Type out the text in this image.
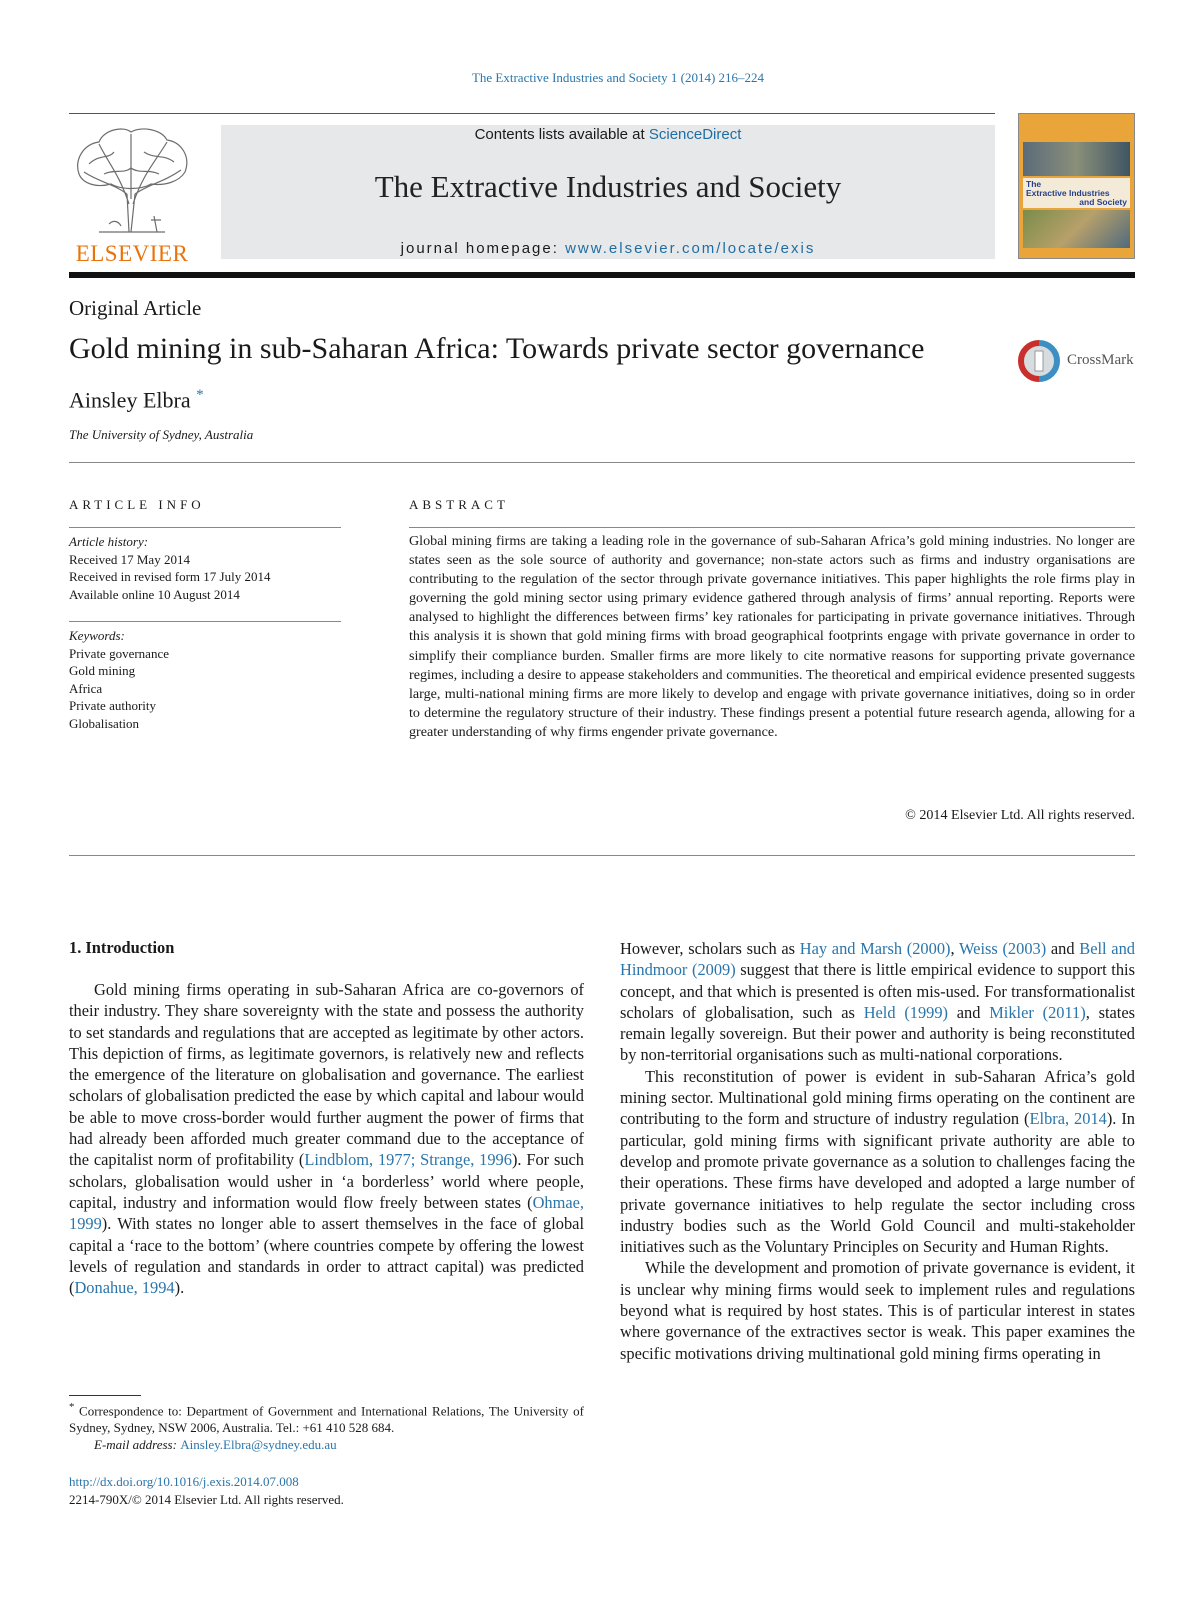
The Extractive Industries and Society 1 (2014) 216–224
ELSEVIER
Contents lists available at ScienceDirect
The Extractive Industries and Society
journal homepage: www.elsevier.com/locate/exis
The
Extractive Industries
and Society
Original Article
Gold mining in sub-Saharan Africa: Towards private sector governance	CrossMark
Ainsley Elbra *
The University of Sydney, Australia
ARTICLE INFO
Article history:
Received 17 May 2014
Received in revised form 17 July 2014
Available online 10 August 2014
Keywords:
Private governance
Gold mining
Africa
Private authority
Globalisation
ABSTRACT
Global mining firms are taking a leading role in the governance of sub-Saharan Africa’s gold mining industries. No longer are states seen as the sole source of authority and governance; non-state actors such as firms and industry organisations are contributing to the regulation of the sector through private governance initiatives. This paper highlights the role firms play in governing the gold mining sector using primary evidence gathered through analysis of firms’ annual reporting. Reports were analysed to highlight the differences between firms’ key rationales for participating in private governance initiatives. Through this analysis it is shown that gold mining firms with broad geographical footprints engage with private governance in order to simplify their compliance burden. Smaller firms are more likely to cite normative reasons for supporting private governance regimes, including a desire to appease stakeholders and communities. The theoretical and empirical evidence presented suggests large, multi-national mining firms are more likely to develop and engage with private governance initiatives, doing so in order to determine the regulatory structure of their industry. These findings present a potential future research agenda, allowing for a greater understanding of why firms engender private governance.
© 2014 Elsevier Ltd. All rights reserved.
1. Introduction

Gold mining firms operating in sub-Saharan Africa are co-governors of their industry. They share sovereignty with the state and possess the authority to set standards and regulations that are accepted as legitimate by other actors. This depiction of firms, as legitimate governors, is relatively new and reflects the emergence of the literature on globalisation and governance. The earliest scholars of globalisation predicted the ease by which capital and labour would be able to move cross-border would further augment the power of firms that had already been afforded much greater command due to the acceptance of the capitalist norm of profitability (Lindblom, 1977; Strange, 1996). For such scholars, globalisation would usher in ‘a borderless’ world where people, capital, industry and information would flow freely between states (Ohmae, 1999). With states no longer able to assert themselves in the face of global capital a ‘race to the bottom’ (where countries compete by offering the lowest levels of regulation and standards in order to attract capital) was predicted (Donahue, 1994).

However, scholars such as Hay and Marsh (2000), Weiss (2003) and Bell and Hindmoor (2009) suggest that there is little empirical evidence to support this concept, and that which is presented is often mis-used. For transformationalist scholars of globalisation, such as Held (1999) and Mikler (2011), states remain legally sovereign. But their power and authority is being reconstituted by non-territorial organisations such as multi-national corporations.

This reconstitution of power is evident in sub-Saharan Africa’s gold mining sector. Multinational gold mining firms operating on the continent are contributing to the form and structure of industry regulation (Elbra, 2014). In particular, gold mining firms with significant private authority are able to develop and promote private governance as a solution to challenges facing the their operations. These firms have developed and adopted a large number of private governance initiatives to help regulate the sector including cross industry bodies such as the World Gold Council and multi-stakeholder initiatives such as the Voluntary Principles on Security and Human Rights.

While the development and promotion of private governance is evident, it is unclear why mining firms would seek to implement rules and regulations beyond what is required by host states. This is of particular interest in states where governance of the extractives sector is weak. This paper examines the specific motivations driving multinational gold mining firms operating in

* Correspondence to: Department of Government and International Relations, The University of Sydney, Sydney, NSW 2006, Australia. Tel.: +61 410 528 684.
E-mail address: Ainsley.Elbra@sydney.edu.au
http://dx.doi.org/10.1016/j.exis.2014.07.008
2214-790X/© 2014 Elsevier Ltd. All rights reserved.
